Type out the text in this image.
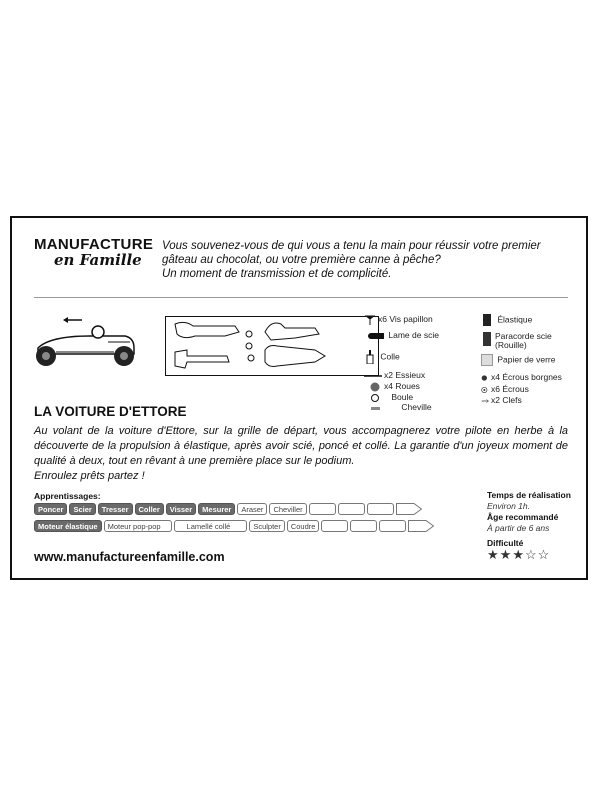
MANUFACTURE
en Famille
Vous souvenez-vous de qui vous a tenu la main pour réussir votre premier gâteau au chocolat, ou votre première canne à pêche?
Un moment de transmission et de complicité.
x6 Vis papillon
Lame de scie
Colle
x2 Essieux
x4 Roues
Boule
Cheville
Élastique
Paracorde scie (Rouille)
Papier de verre
x4 Écrous borgnes
x6 Écrous
x2 Clefs
LA VOITURE D'ETTORE

Au volant de la voiture d'Ettore, sur la grille de départ, vous accompagnerez votre pilote en herbe à la découverte de la propulsion à élastique, après avoir scié, poncé et collé. La garantie d'un joyeux moment de qualité à deux, tout en rêvant à une première place sur le podium.

Enroulez prêts partez !

Apprentissages:
Poncer Scier Tresser Coller Visser Mesurer Araser Cheviller
Moteur élastique Moteur pop-pop	Lamellé collé	Sculpter Coudre
Temps de réalisation
Environ 1h.
Âge recommandé
À partir de 6 ans
Difficulté
★★★☆☆
www.manufactureenfamille.com
